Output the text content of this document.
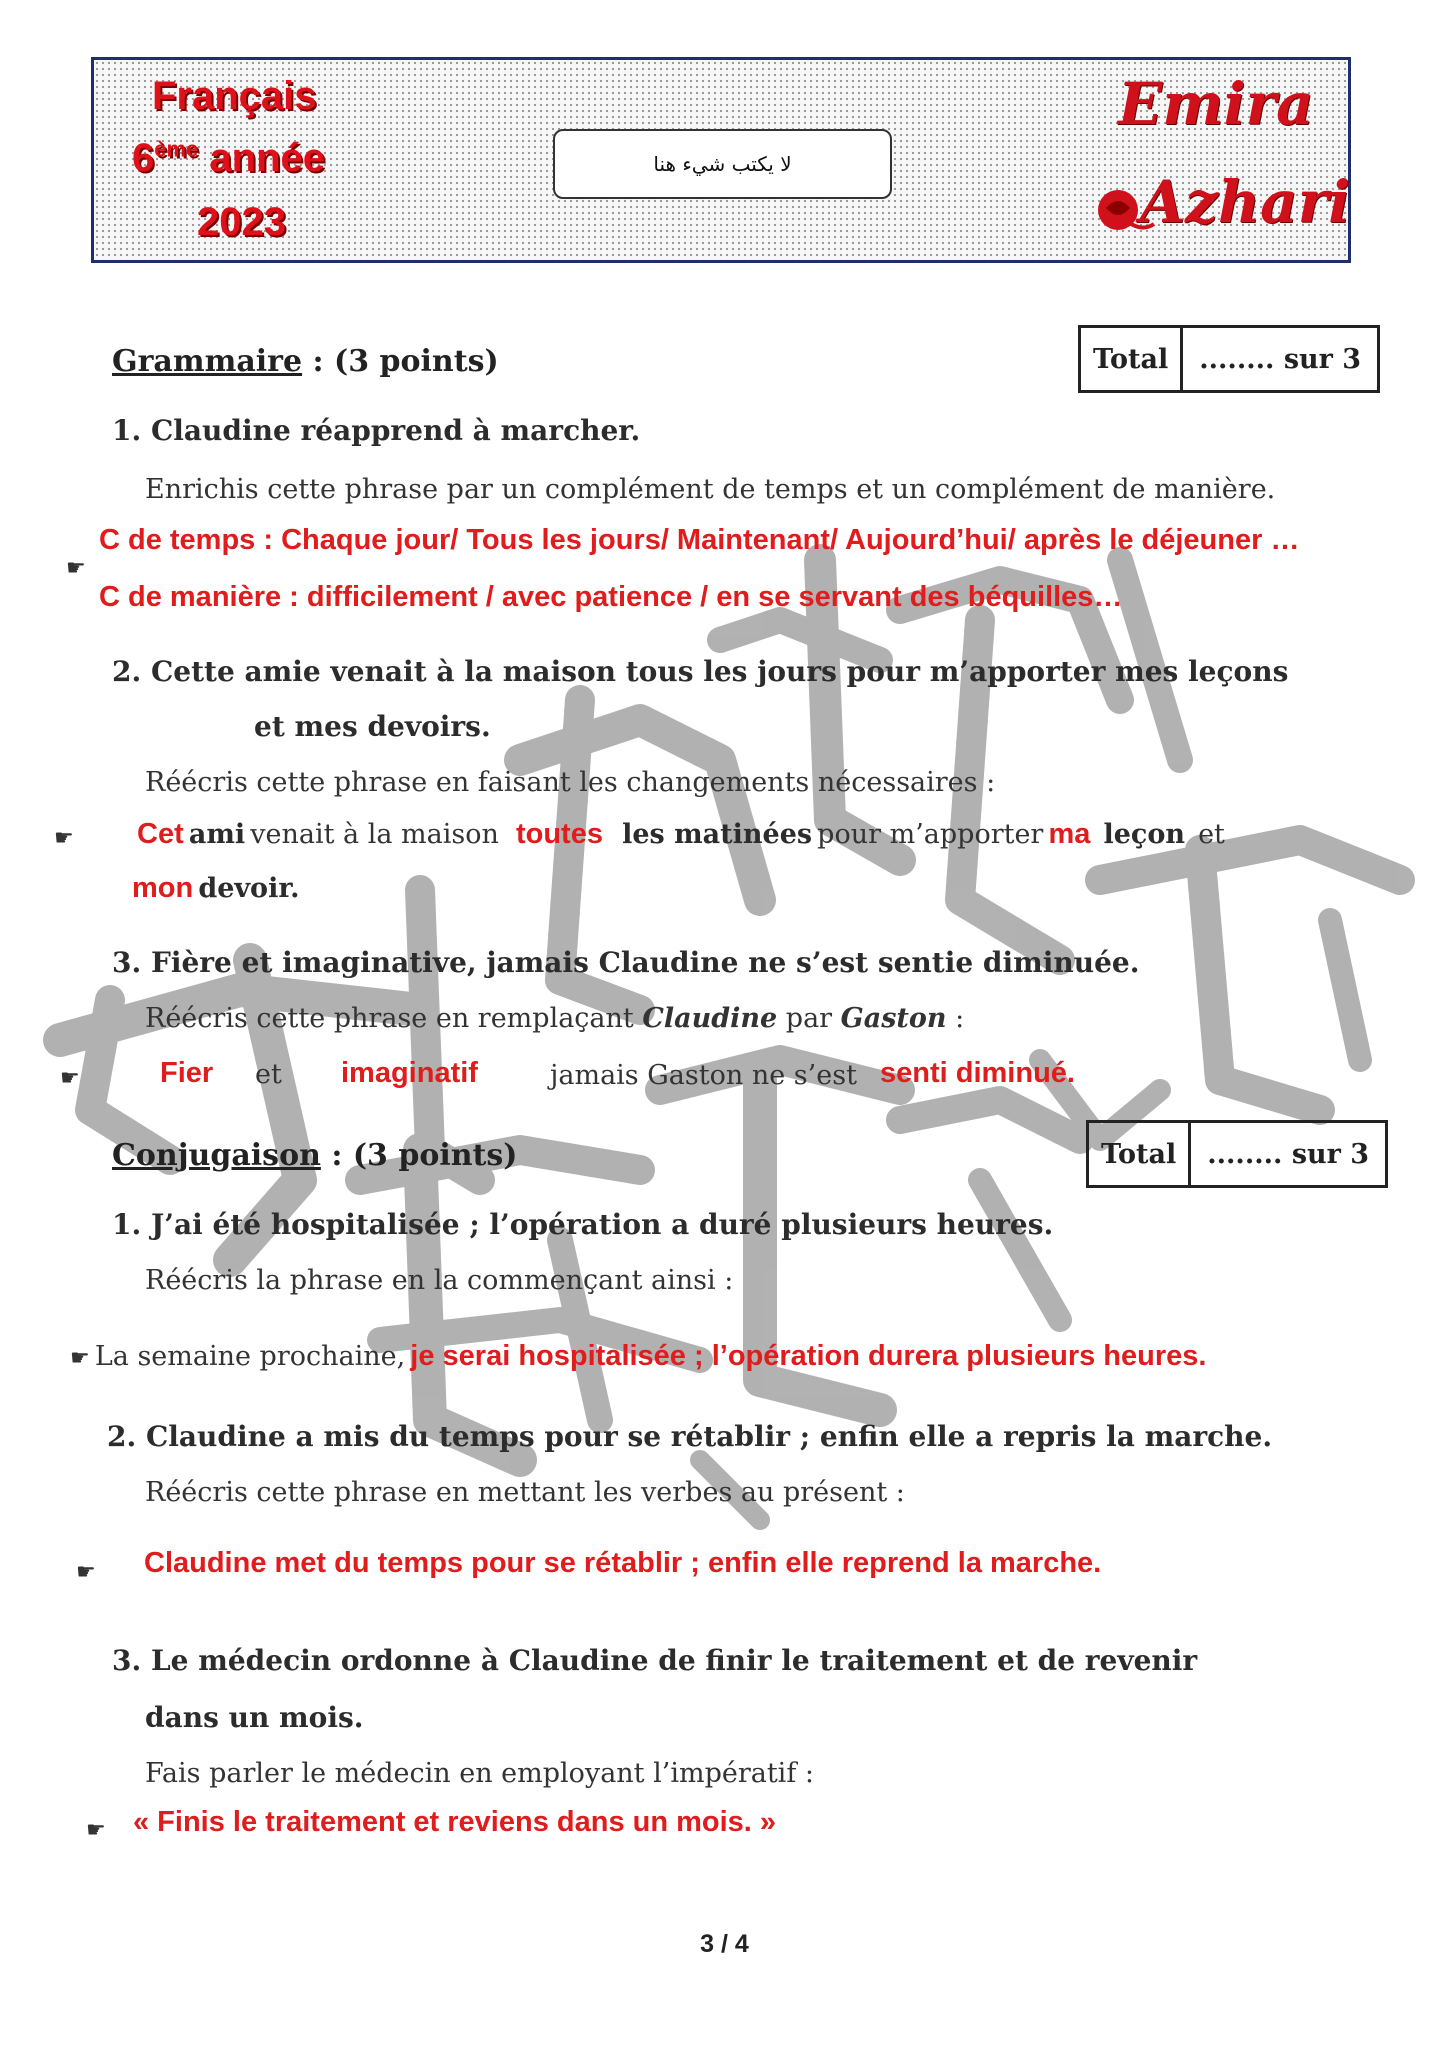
Français
6ème année
2023
لا يكتب شيء هنا
Emira
Azhari
Grammaire : (3 points)	Total	........ sur 3
1. Claudine réapprend à marcher.
Enrichis cette phrase par un complément de temps et un complément de manière.
☛
C de temps : Chaque jour/ Tous les jours/ Maintenant/ Aujourd’hui/ après le déjeuner …
C de manière : difficilement / avec patience / en se servant des béquilles…
2. Cette amie venait à la maison tous les jours pour m’apporter mes leçons
et mes devoirs.
Réécris cette phrase en faisant les changements nécessaires :
☛ Cet ami venait à la maison toutes les matinées pour m’apporter ma leçon et
mon devoir.
3. Fière et imaginative, jamais Claudine ne s’est sentie diminuée.
Réécris cette phrase en remplaçant Claudine par Gaston :
☛	Fier et imaginatif	jamais Gaston ne s’est senti diminué.
Conjugaison : (3 points)	Total	........ sur 3
1. J’ai été hospitalisée ; l’opération a duré plusieurs heures.
Réécris la phrase en la commençant ainsi :
☛ La semaine prochaine, je serai hospitalisée ; l’opération durera plusieurs heures.
2. Claudine a mis du temps pour se rétablir ; enfin elle a repris la marche.
Réécris cette phrase en mettant les verbes au présent :
☛ Claudine met du temps pour se rétablir ; enfin elle reprend la marche.
3. Le médecin ordonne à Claudine de finir le traitement et de revenir
dans un mois.
Fais parler le médecin en employant l’impératif :
☛ « Finis le traitement et reviens dans un mois. »
3 / 4
